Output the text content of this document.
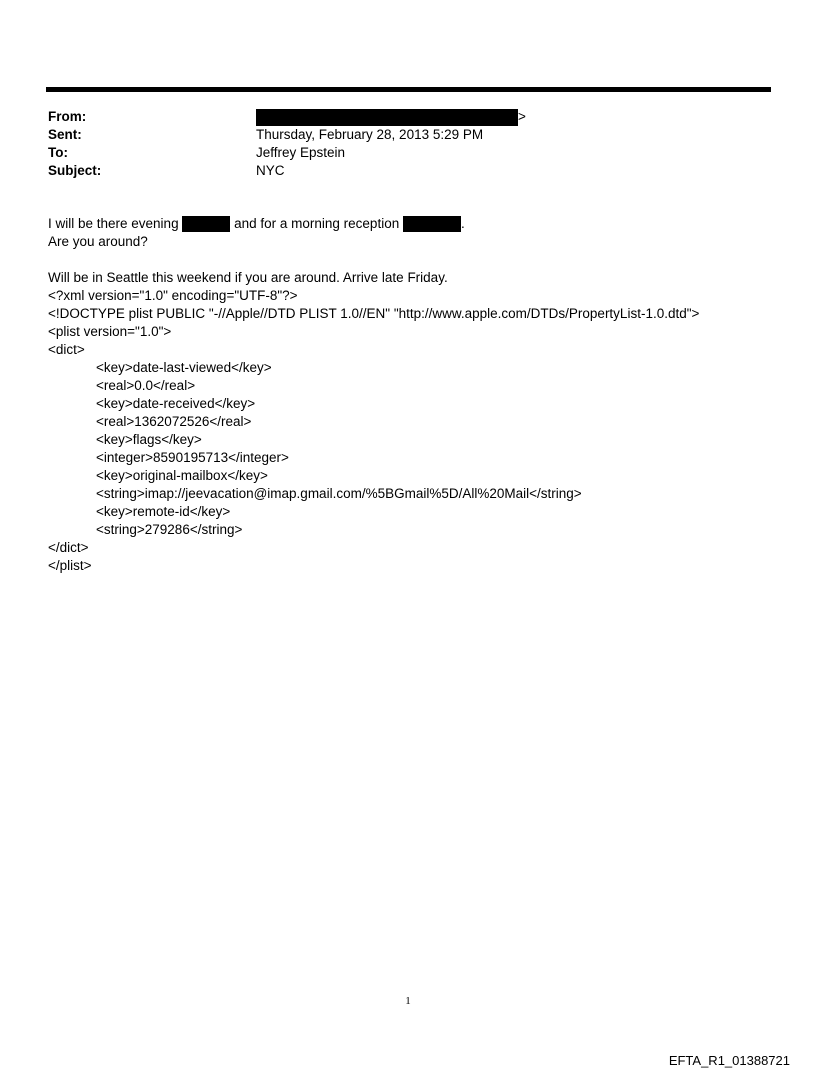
From:	>
Sent:	Thursday, February 28, 2013 5:29 PM
To:	Jeffrey Epstein
Subject:	NYC

I will be there evening	and for a morning reception	.

Are you around?

Will be in Seattle this weekend if you are around. Arrive late Friday.

<?xml version="1.0" encoding="UTF-8"?>

<!DOCTYPE plist PUBLIC "-//Apple//DTD PLIST 1.0//EN" "http://www.apple.com/DTDs/PropertyList-1.0.dtd">

<plist version="1.0">

<dict>

<key>date-last-viewed</key>

<real>0.0</real>

<key>date-received</key>

<real>1362072526</real>

<key>flags</key>

<integer>8590195713</integer>

<key>original-mailbox</key>

<string>imap://jeevacation@imap.gmail.com/%5BGmail%5D/All%20Mail</string>

<key>remote-id</key>

<string>279286</string>

</dict>

</plist>

1
EFTA_R1_01388721
